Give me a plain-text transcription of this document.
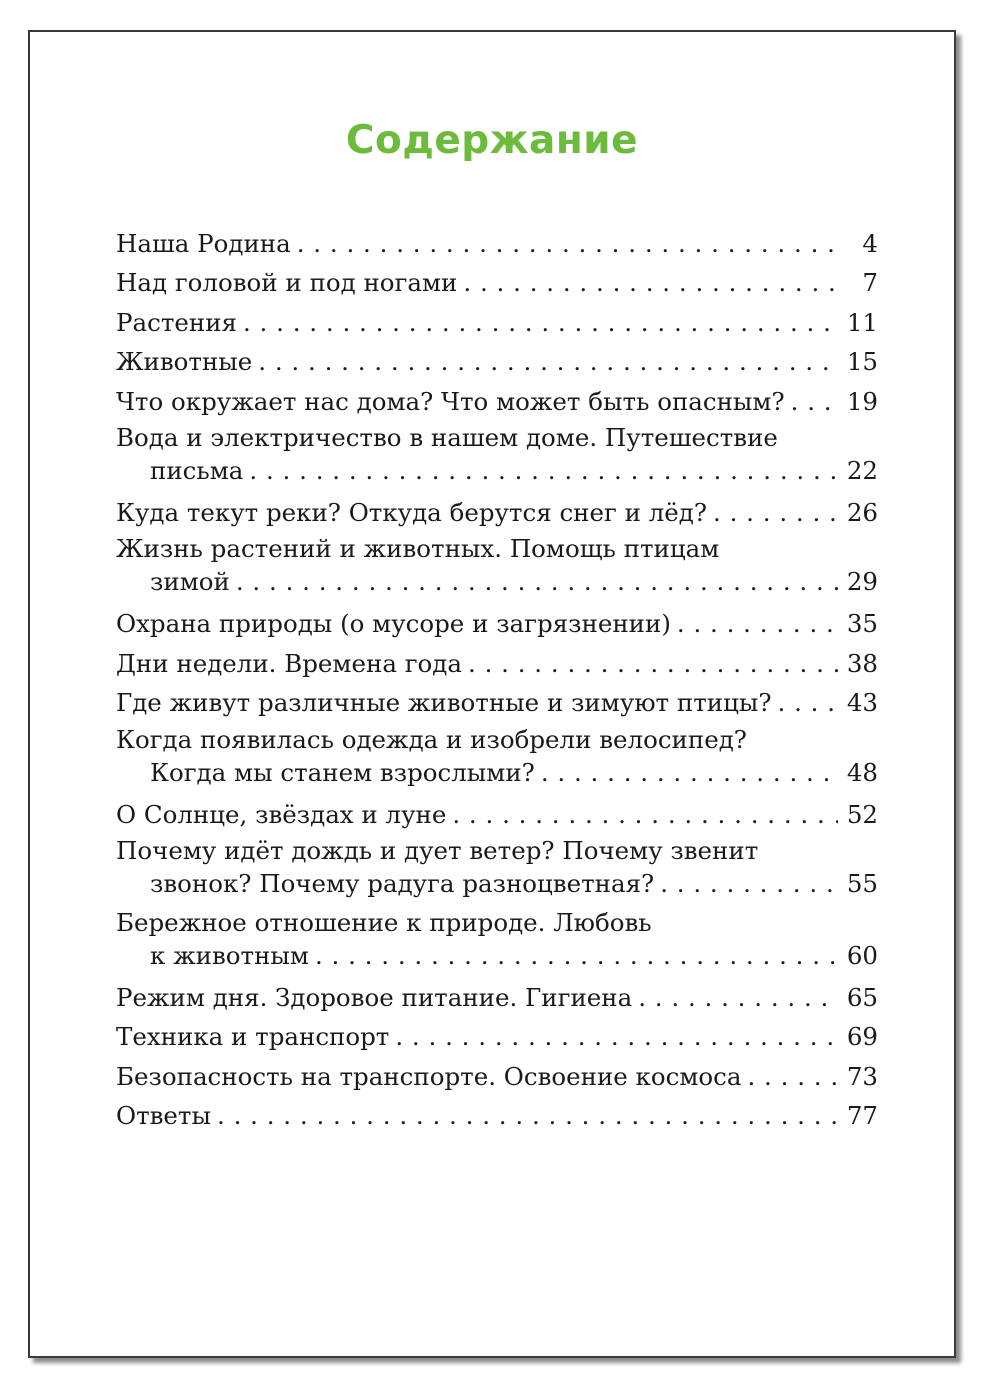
Содержание
Наша Родина . . .	4
Над головой и под ногами . . .	7
Растения . . .	11
Животные . . .	15
Что окружает нас дома? Что может быть опасным? . . .	19
Вода и электричество в нашем доме. Путешествие
письма . . .	22
Куда текут реки? Откуда берутся снег и лёд? . . .	26
Жизнь растений и животных. Помощь птицам
зимой . . .	29
Охрана природы (о мусоре и загрязнении) . . .	35
Дни недели. Времена года . . .	38
Где живут различные животные и зимуют птицы? . . .	43
Когда появилась одежда и изобрели велосипед?
Когда мы станем взрослыми? . . .	48
О Солнце, звёздах и луне . . .	52
Почему идёт дождь и дует ветер? Почему звенит
звонок? Почему радуга разноцветная? . . .	55
Бережное отношение к природе. Любовь
к животным . . .	60
Режим дня. Здоровое питание. Гигиена . . .	65
Техника и транспорт . . .	69
Безопасность на транспорте. Освоение космоса . . .	73
Ответы . . .	77
